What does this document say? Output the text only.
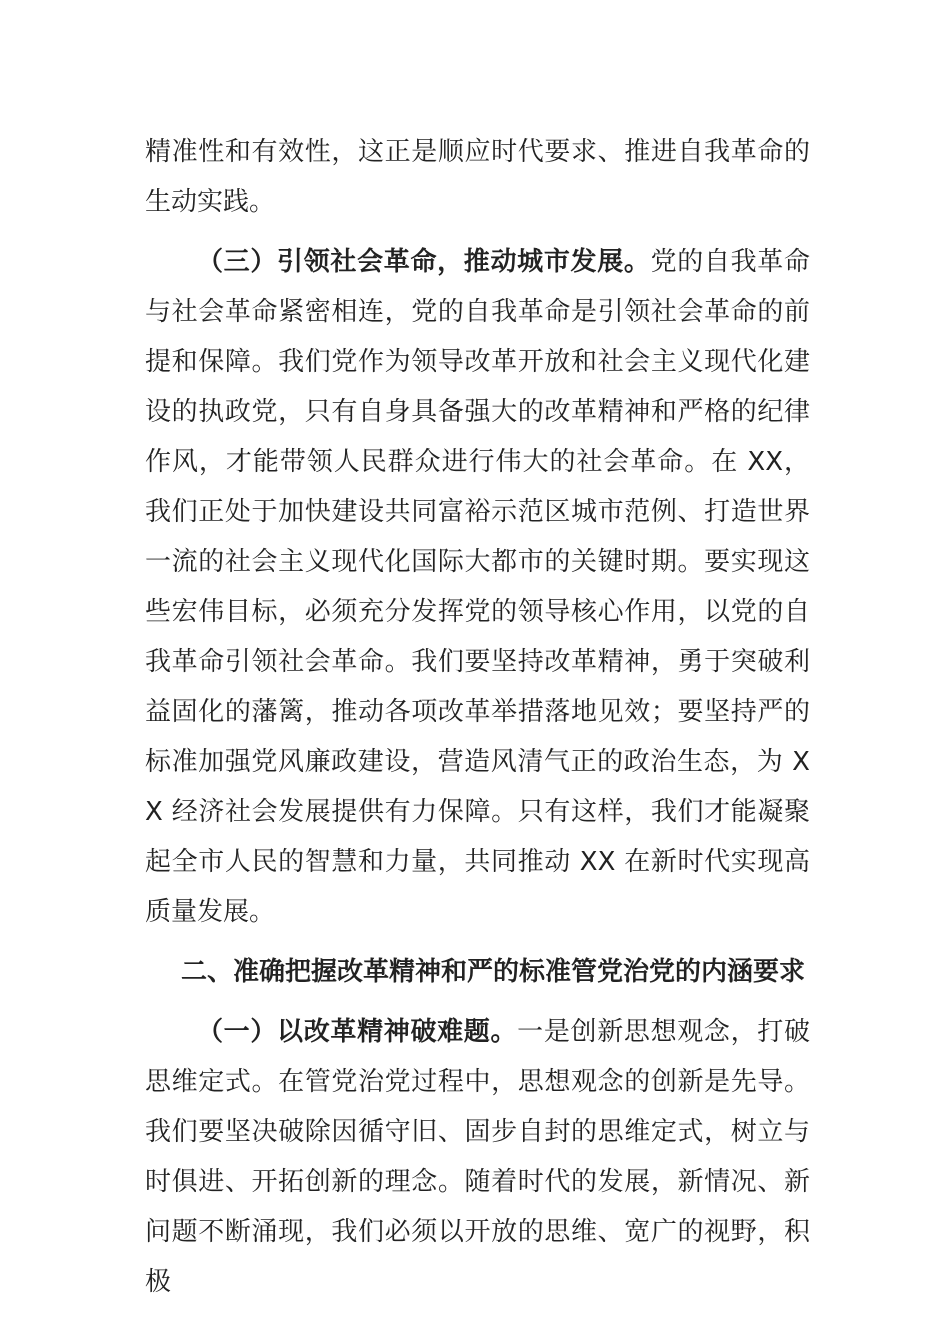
精准性和有效性，这正是顺应时代要求、推进自我革命的生动实践。

（三）引领社会革命，推动城市发展。党的自我革命与社会革命紧密相连，党的自我革命是引领社会革命的前提和保障。我们党作为领导改革开放和社会主义现代化建设的执政党，只有自身具备强大的改革精神和严格的纪律作风，才能带领人民群众进行伟大的社会革命。在 XX，我们正处于加快建设共同富裕示范区城市范例、打造世界一流的社会主义现代化国际大都市的关键时期。要实现这些宏伟目标，必须充分发挥党的领导核心作用，以党的自我革命引领社会革命。我们要坚持改革精神，勇于突破利益固化的藩篱，推动各项改革举措落地见效；要坚持严的标准加强党风廉政建设，营造风清气正的政治生态，为 XX 经济社会发展提供有力保障。只有这样，我们才能凝聚起全市人民的智慧和力量，共同推动 XX 在新时代实现高质量发展。

二、准确把握改革精神和严的标准管党治党的内涵要求

（一）以改革精神破难题。一是创新思想观念，打破思维定式。在管党治党过程中，思想观念的创新是先导。我们要坚决破除因循守旧、固步自封的思维定式，树立与时俱进、开拓创新的理念。随着时代的发展，新情况、新问题不断涌现，我们必须以开放的思维、宽广的视野，积极
